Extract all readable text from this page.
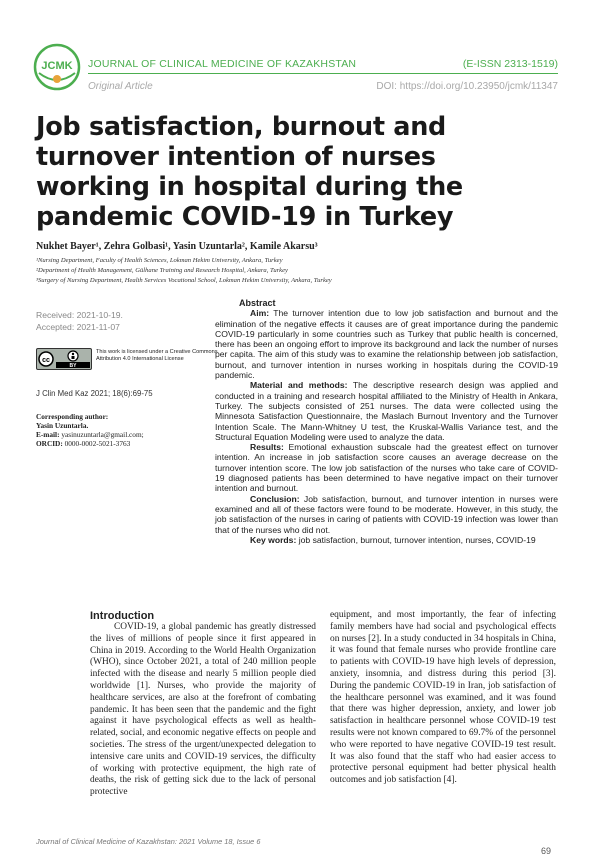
JCMK JOURNAL OF CLINICAL MEDICINE OF KAZAKHSTAN	(E-ISSN 2313-1519)
Original Article	DOI: https://doi.org/10.23950/jcmk/11347
Job satisfaction, burnout and turnover intention of nurses working in hospital during the pandemic COVID-19 in Turkey
Nukhet Bayer¹, Zehra Golbasi¹, Yasin Uzuntarla², Kamile Akarsu³
¹Nursing Department, Faculty of Health Sciences, Lokman Hekim University, Ankara, Turkey
²Department of Health Management, Gülhane Training and Research Hospital, Ankara, Turkey
³Surgery of Nursing Department, Health Services Vocational School, Lokman Hekim University, Ankara, Turkey
Received: 2021-10-19.
Accepted: 2021-11-07
cc
BY
This work is licensed under a Creative Commons Attribution 4.0 International License
J Clin Med Kaz 2021; 18(6):69-75
Corresponding author:
Yasin Uzuntarla.
E-mail: yasinuzuntarla@gmail.com;
ORCID: 0000-0002-5021-3763

Abstract

Aim: The turnover intention due to low job satisfaction and burnout and the elimination of the negative effects it causes are of great importance during the pandemic COVID-19 particularly in some countries such as Turkey that public health is concerned, there has been an ongoing effort to improve its background and lack the number of nurses per capita. The aim of this study was to examine the relationship between job satisfaction, burnout, and turnover intention in nurses working in hospitals during the COVID-19 pandemic.

Material and methods: The descriptive research design was applied and conducted in a training and research hospital affiliated to the Ministry of Health in Ankara, Turkey. The subjects consisted of 251 nurses. The data were collected using the Minnesota Satisfaction Questionnaire, the Maslach Burnout Inventory and the Turnover Intention Scale. The Mann-Whitney U test, the Kruskal-Wallis Variance test, and the Structural Equation Modeling were used to analyze the data.

Results: Emotional exhaustion subscale had the greatest effect on turnover intention. An increase in job satisfaction score causes an average decrease on the turnover intention score. The low job satisfaction of the nurses who take care of COVID-19 diagnosed patients has been determined to have negative impact on their turnover intention and burnout.

Conclusion: Job satisfaction, burnout, and turnover intention in nurses were examined and all of these factors were found to be moderate. However, in this study, the job satisfaction of the nurses in caring of patients with COVID-19 infection was lower than that of the nurses who did not.

Key words: job satisfaction, burnout, turnover intention, nurses, COVID-19

Introduction

COVID-19, a global pandemic has greatly distressed the lives of millions of people since it first appeared in China in 2019. According to the World Health Organization (WHO), since October 2021, a total of 240 million people infected with the disease and nearly 5 million people died worldwide [1]. Nurses, who provide the majority of healthcare services, are also at the forefront of combating pandemic. It has been seen that the pandemic and the fight against it have psychological effects as well as health-related, social, and economic negative effects on people and societies. The stress of the urgent/unexpected delegation to intensive care units and COVID-19 services, the difficulty of working with protective equipment, the high rate of deaths, the risk of getting sick due to the lack of personal protective

equipment, and most importantly, the fear of infecting family members have had social and psychological effects on nurses [2]. In a study conducted in 34 hospitals in China, it was found that female nurses who provide frontline care to patients with COVID-19 have high levels of depression, anxiety, insomnia, and distress during this period [3]. During the pandemic COVID-19 in Iran, job satisfaction of the healthcare personnel was examined, and it was found that there was higher depression, anxiety, and lower job satisfaction in healthcare personnel whose COVID-19 test results were not known compared to 69.7% of the personnel who were reported to have negative COVID-19 test result. It was also found that the staff who had easier access to protective personal equipment had better physical health outcomes and job satisfaction [4].

Journal of Clinical Medicine of Kazakhstan: 2021 Volume 18, Issue 6
69
